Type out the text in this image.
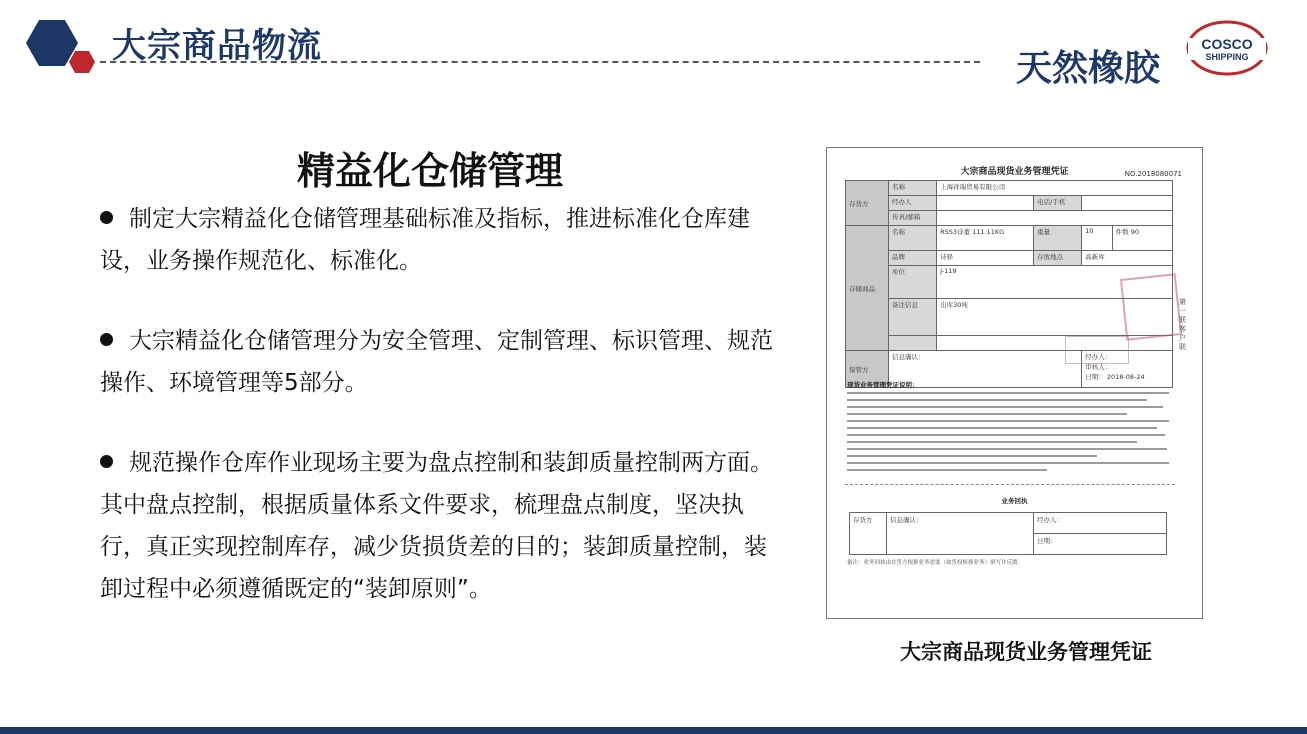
大宗商品物流
天然橡胶
COSCO
SHIPPING
精益化仓储管理

制定大宗精益化仓储管理基础标准及指标，推进标准化仓库建设，业务操作规范化、标准化。

大宗精益化仓储管理分为安全管理、定制管理、标识管理、规范操作、环境管理等5部分。

规范操作仓库作业现场主要为盘点控制和装卸质量控制两方面。其中盘点控制，根据质量体系文件要求，梳理盘点制度，坚决执行，真正实现控制库存，减少货损货差的目的；装卸质量控制，装卸过程中必须遵循既定的“装卸原则”。

大宗商品现货业务管理凭证	NO.2018080071
存货方	名称	上海祥瑞贸易有限公司			
	经办人		电话/手机		
	传真/邮箱				
存储商品	名称	RSS3诗董 111.11KG	重量	10	件数 90
	品牌	诗驿	存放地点	高新库	
	库位	J-119			
	备注信息	出库30吨			

保管方	信息确认：			经办人：
审核人：
日期： 2018-08-24	
第一联客户联
现货业务管理凭证说明：
业务回执
存货方	信息确认：	经办人：
日期：
备注：业务回执由存货方根据业务需要（如货权转移业务）填写并反馈。
大宗商品现货业务管理凭证
